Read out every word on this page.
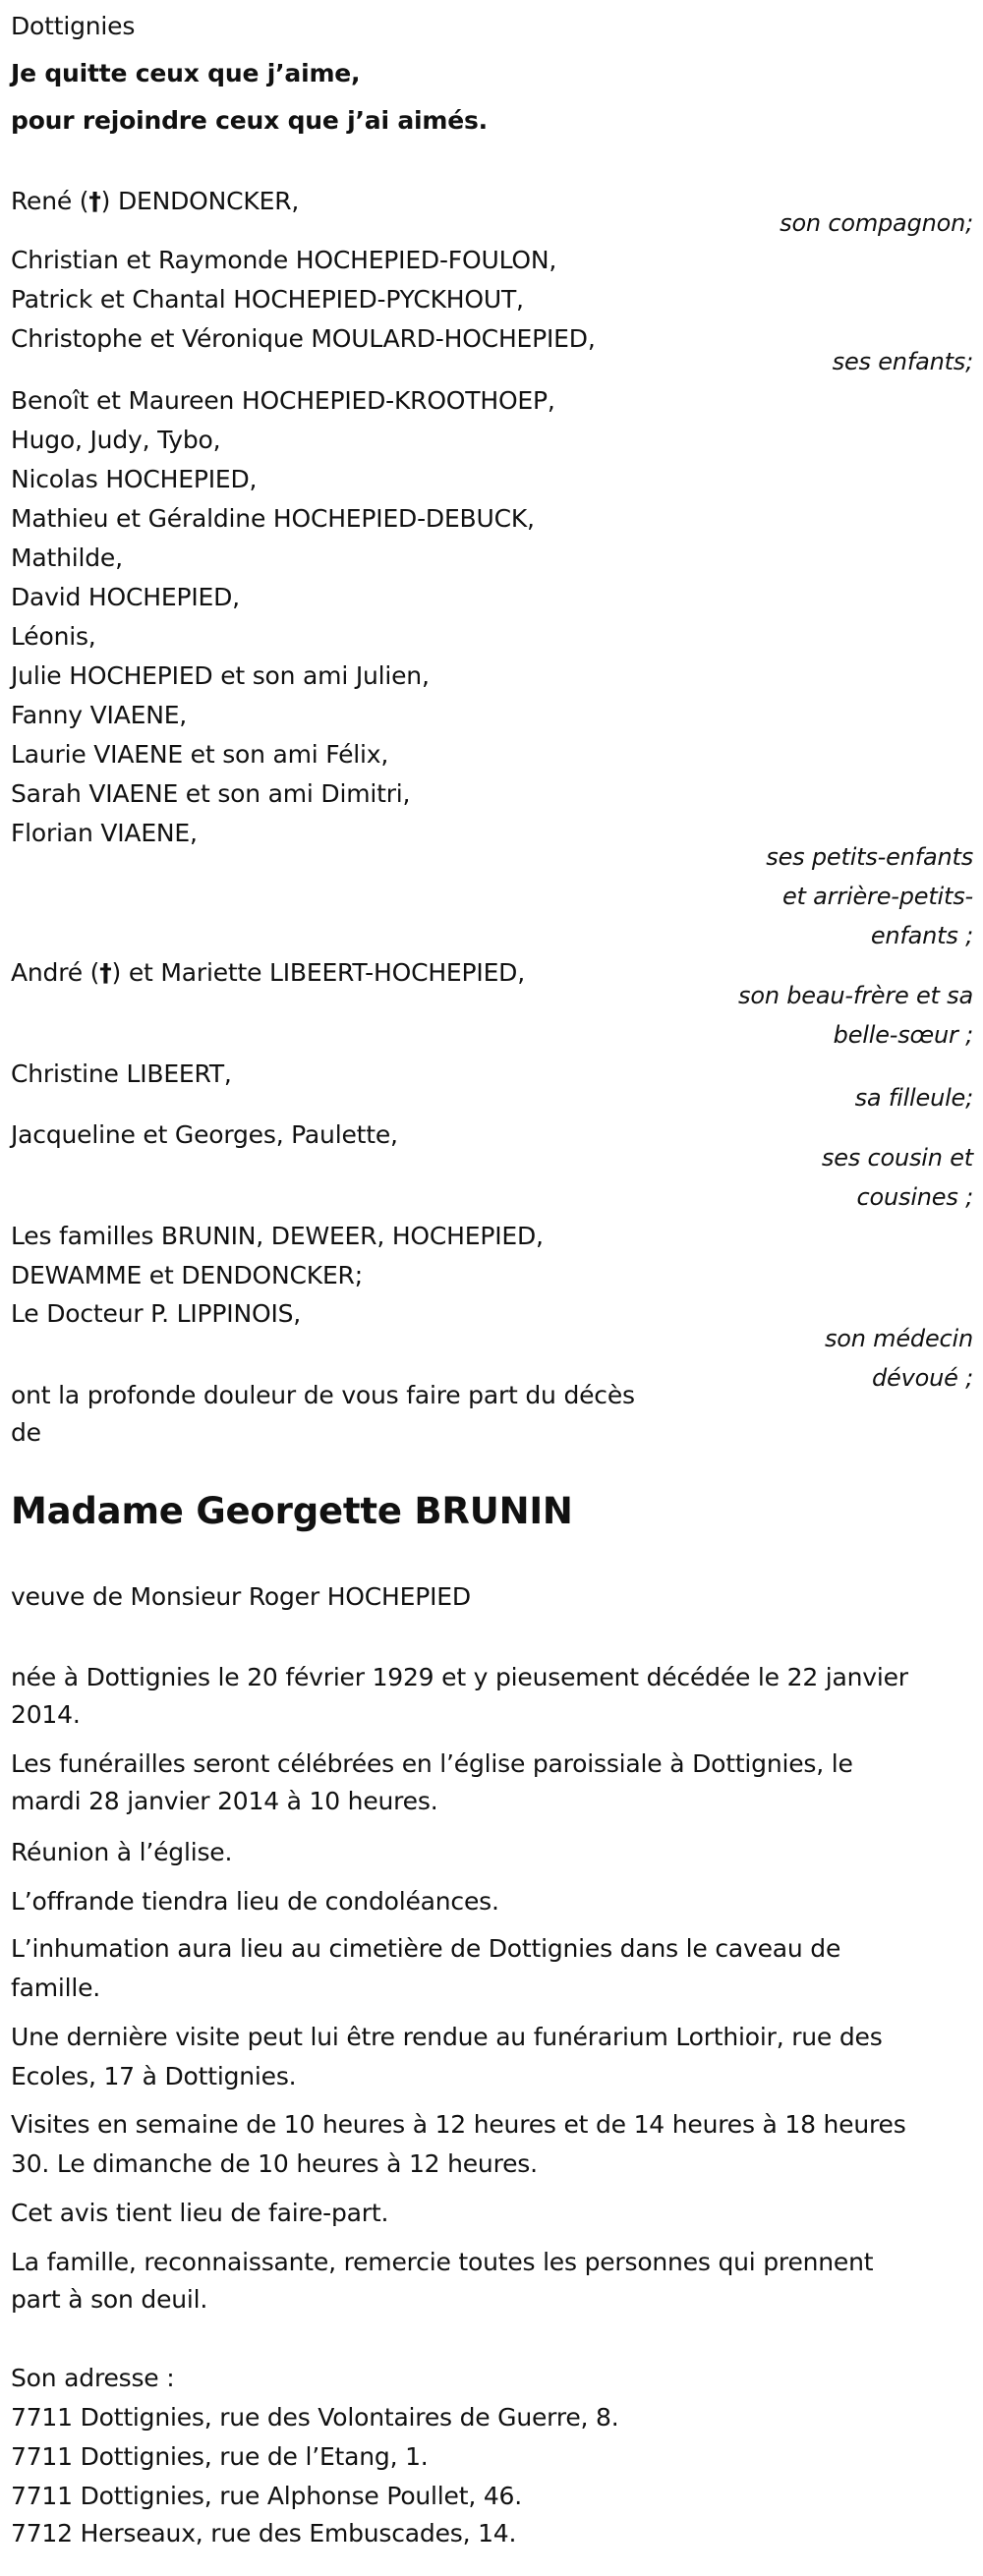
Dottignies
Je quitte ceux que j’aime,
pour rejoindre ceux que j’ai aimés.
René (†) DENDONCKER,
son compagnon;
Christian et Raymonde HOCHEPIED-FOULON,
Patrick et Chantal HOCHEPIED-PYCKHOUT,
Christophe et Véronique MOULARD-HOCHEPIED,
ses enfants;
Benoît et Maureen HOCHEPIED-KROOTHOEP,
Hugo, Judy, Tybo,
Nicolas HOCHEPIED,
Mathieu et Géraldine HOCHEPIED-DEBUCK,
Mathilde,
David HOCHEPIED,
Léonis,
Julie HOCHEPIED et son ami Julien,
Fanny VIAENE,
Laurie VIAENE et son ami Félix,
Sarah VIAENE et son ami Dimitri,
Florian VIAENE,
ses petits-enfants
et arrière-petits-
enfants ;
André (†) et Mariette LIBEERT-HOCHEPIED,
son beau-frère et sa
belle-sœur ;
Christine LIBEERT,
sa filleule;
Jacqueline et Georges, Paulette,
ses cousin et
cousines ;
Les familles BRUNIN, DEWEER, HOCHEPIED,
DEWAMME et DENDONCKER;
Le Docteur P. LIPPINOIS,
son médecin
dévoué ;
ont la profonde douleur de vous faire part du décès
de
Madame Georgette BRUNIN
veuve de Monsieur Roger HOCHEPIED
née à Dottignies le 20 février 1929 et y pieusement décédée le 22 janvier
2014.
Les funérailles seront célébrées en l’église paroissiale à Dottignies, le
mardi 28 janvier 2014 à 10 heures.
Réunion à l’église.
L’offrande tiendra lieu de condoléances.
L’inhumation aura lieu au cimetière de Dottignies dans le caveau de
famille.
Une dernière visite peut lui être rendue au funérarium Lorthioir, rue des
Ecoles, 17 à Dottignies.
Visites en semaine de 10 heures à 12 heures et de 14 heures à 18 heures
30. Le dimanche de 10 heures à 12 heures.
Cet avis tient lieu de faire-part.
La famille, reconnaissante, remercie toutes les personnes qui prennent
part à son deuil.
Son adresse :
7711 Dottignies, rue des Volontaires de Guerre, 8.
7711 Dottignies, rue de l’Etang, 1.
7711 Dottignies, rue Alphonse Poullet, 46.
7712 Herseaux, rue des Embuscades, 14.
